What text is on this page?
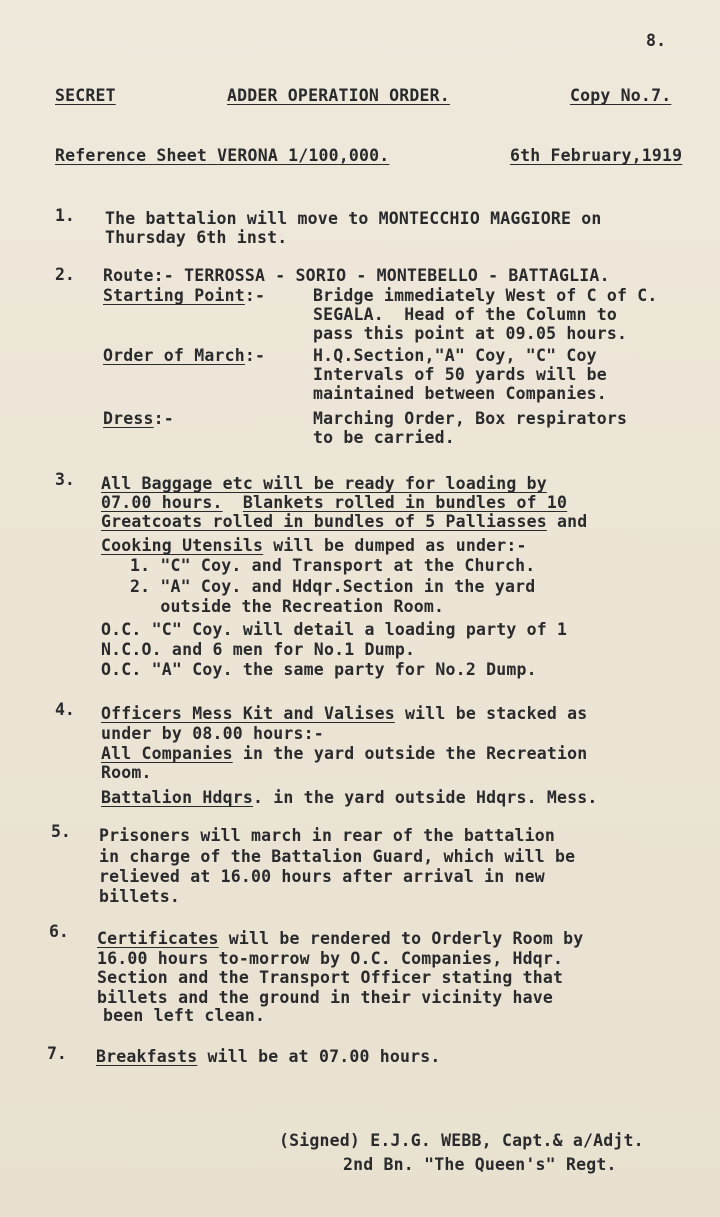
8.
SECRET	ADDER OPERATION ORDER.	Copy No.7.
Reference Sheet VERONA 1/100,000.	6th February,1919
1. The battalion will move to MONTECCHIO MAGGIORE on
Thursday 6th inst.
2. Route:- TERROSSA - SORIO - MONTEBELLO - BATTAGLIA.
Starting Point:-	Bridge immediately West of C of C.
SEGALA.  Head of the Column to
pass this point at 09.05 hours.
Order of March:-	H.Q.Section,"A" Coy, "C" Coy
Intervals of 50 yards will be
maintained between Companies.
Dress:-	Marching Order, Box respirators
to be carried.
3. All Baggage etc will be ready for loading by
07.00 hours. Blankets rolled in bundles of 10
Greatcoats rolled in bundles of 5 Palliasses and
Cooking Utensils will be dumped as under:-
1. "C" Coy. and Transport at the Church.
2. "A" Coy. and Hdqr.Section in the yard
outside the Recreation Room.
O.C. "C" Coy. will detail a loading party of 1
N.C.O. and 6 men for No.1 Dump.
O.C. "A" Coy. the same party for No.2 Dump.
4. Officers Mess Kit and Valises will be stacked as
under by 08.00 hours:-
All Companies in the yard outside the Recreation
Room.
Battalion Hdqrs. in the yard outside Hdqrs. Mess.
5. Prisoners will march in rear of the battalion
in charge of the Battalion Guard, which will be
relieved at 16.00 hours after arrival in new
billets.
6. Certificates will be rendered to Orderly Room by
16.00 hours to-morrow by O.C. Companies, Hdqr.
Section and the Transport Officer stating that
billets and the ground in their vicinity have
been left clean.
7. Breakfasts will be at 07.00 hours.
(Signed) E.J.G. WEBB, Capt.& a/Adjt.
2nd Bn. "The Queen's" Regt.
